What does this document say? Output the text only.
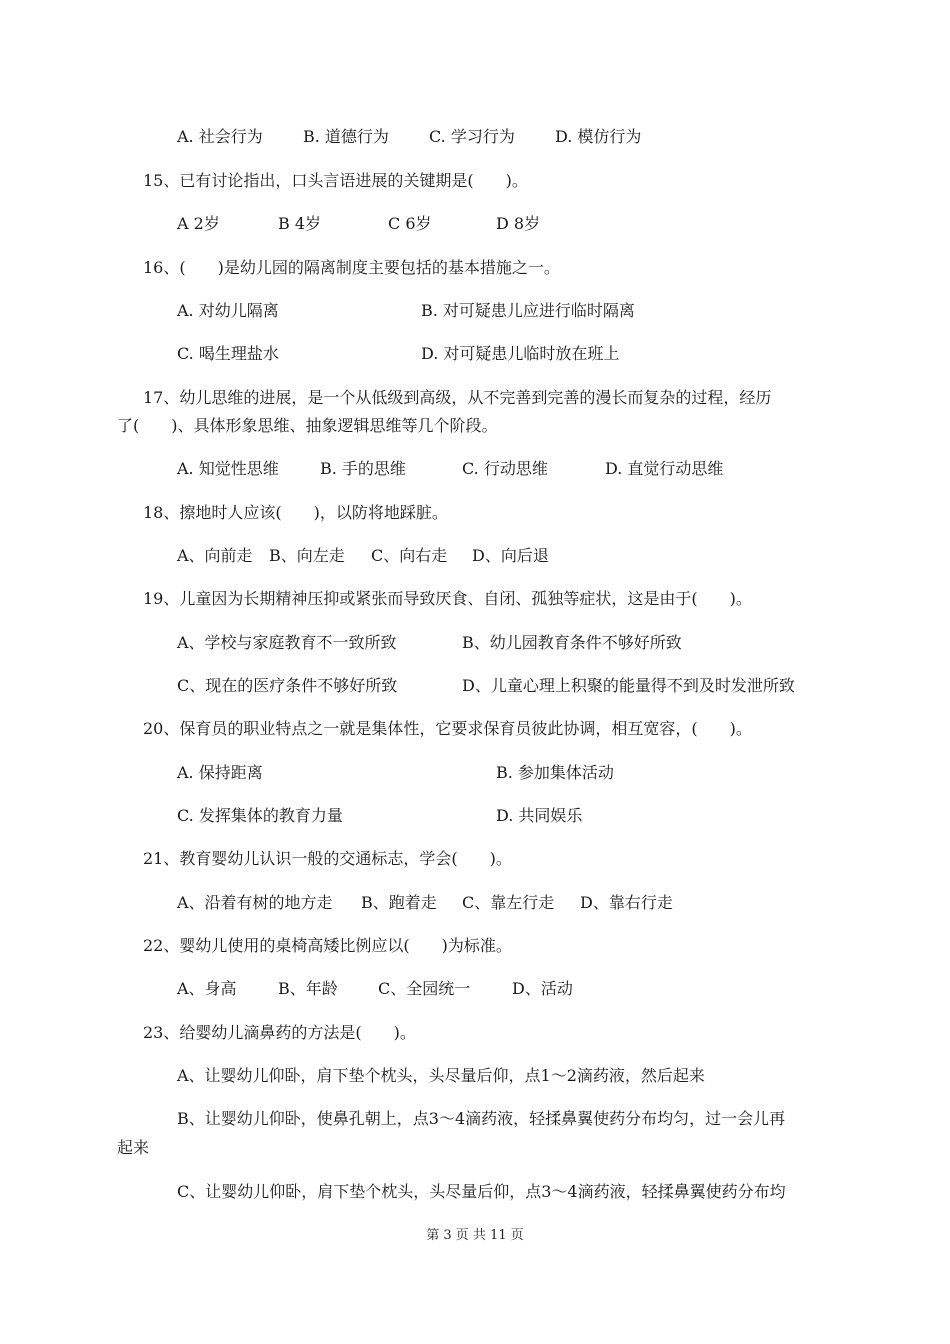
A. 社会行为	B. 道德行为	C. 学习行为	D. 模仿行为
15、已有讨论指出，口头言语进展的关键期是(　　)。
A 2岁	B 4岁	C 6岁	D 8岁
16、(　　)是幼儿园的隔离制度主要包括的基本措施之一。
A. 对幼儿隔离	B. 对可疑患儿应进行临时隔离
C. 喝生理盐水	D. 对可疑患儿临时放在班上
17、幼儿思维的进展，是一个从低级到高级，从不完善到完善的漫长而复杂的过程，经历
了(　　)、具体形象思维、抽象逻辑思维等几个阶段。
A. 知觉性思维	B. 手的思维	C. 行动思维	D. 直觉行动思维
18、擦地时人应该(　　)，以防将地踩脏。
A、向前走 B、向左走 C、向右走 D、向后退
19、儿童因为长期精神压抑或紧张而导致厌食、自闭、孤独等症状，这是由于(　　)。
A、学校与家庭教育不一致所致	B、幼儿园教育条件不够好所致
C、现在的医疗条件不够好所致	D、儿童心理上积聚的能量得不到及时发泄所致
20、保育员的职业特点之一就是集体性，它要求保育员彼此协调，相互宽容，(　　)。
A. 保持距离	B. 参加集体活动
C. 发挥集体的教育力量	D. 共同娱乐
21、教育婴幼儿认识一般的交通标志，学会(　　)。
A、沿着有树的地方走 B、跑着走 C、靠左行走 D、靠右行走
22、婴幼儿使用的桌椅高矮比例应以(　　)为标准。
A、身高	B、年龄	C、全园统一	D、活动
23、给婴幼儿滴鼻药的方法是(　　)。
A、让婴幼儿仰卧，肩下垫个枕头，头尽量后仰，点1～2滴药液，然后起来
B、让婴幼儿仰卧，使鼻孔朝上，点3～4滴药液，轻揉鼻翼使药分布均匀，过一会儿再
起来
C、让婴幼儿仰卧，肩下垫个枕头，头尽量后仰，点3～4滴药液，轻揉鼻翼使药分布均
第 3 页 共 11 页
